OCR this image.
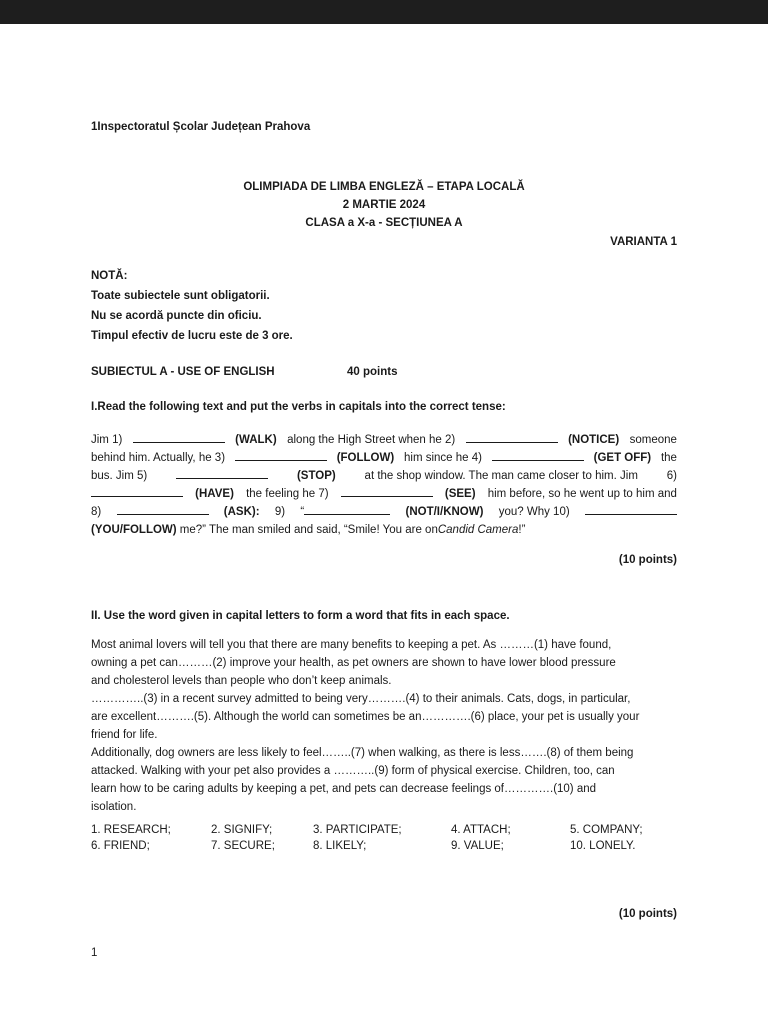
1Inspectoratul Școlar Județean Prahova
OLIMPIADA DE LIMBA ENGLEZĂ – ETAPA LOCALĂ
2 MARTIE 2024
CLASA a X-a - SECȚIUNEA A
VARIANTA 1
NOTĂ:
Toate subiectele sunt obligatorii.
Nu se acordă puncte din oficiu.
Timpul efectiv de lucru este de 3 ore.
SUBIECTUL A - USE OF ENGLISH	40 points
I.Read the following text and put the verbs in capitals into the correct tense:
Jim 1)	(WALK) along the High Street when he 2)	(NOTICE) someone
behind him. Actually, he 3)	(FOLLOW) him since he 4)	(GET OFF) the
bus. Jim 5)	(STOP)	at the shop window. The man came closer to him. Jim	6)
(HAVE) the feeling he 7)	(SEE) him before, so he went up to him and
8)	(ASK): 9) “	(NOT/I/KNOW) you? Why 10)
(YOU/FOLLOW)
me?” The man smiled and said, “Smile! You are on Candid Camera !”
(10 points)
II. Use the word given in capital letters to form a word that fits in each space.
Most animal lovers will tell you that there are many benefits to keeping a pet. As ………(1) have found,
owning a pet can………(2) improve your health, as pet owners are shown to have lower blood pressure
and cholesterol levels than people who don’t keep animals.
…………..(3) in a recent survey admitted to being very……….(4) to their animals. Cats, dogs, in particular,
are excellent……….(5). Although the world can sometimes be an………….(6) place, your pet is usually your
friend for life.
Additionally, dog owners are less likely to feel……..(7) when walking, as there is less…….(8) of them being
attacked. Walking with your pet also provides a ………..(9) form of physical exercise. Children, too, can
learn how to be caring adults by keeping a pet, and pets can decrease feelings of………….(10) and
isolation.
1. RESEARCH;	2. SIGNIFY;	3. PARTICIPATE;	4. ATTACH;	5. COMPANY;
6. FRIEND;	7. SECURE;	8. LIKELY;	9. VALUE;	10. LONELY.
(10 points)
1
